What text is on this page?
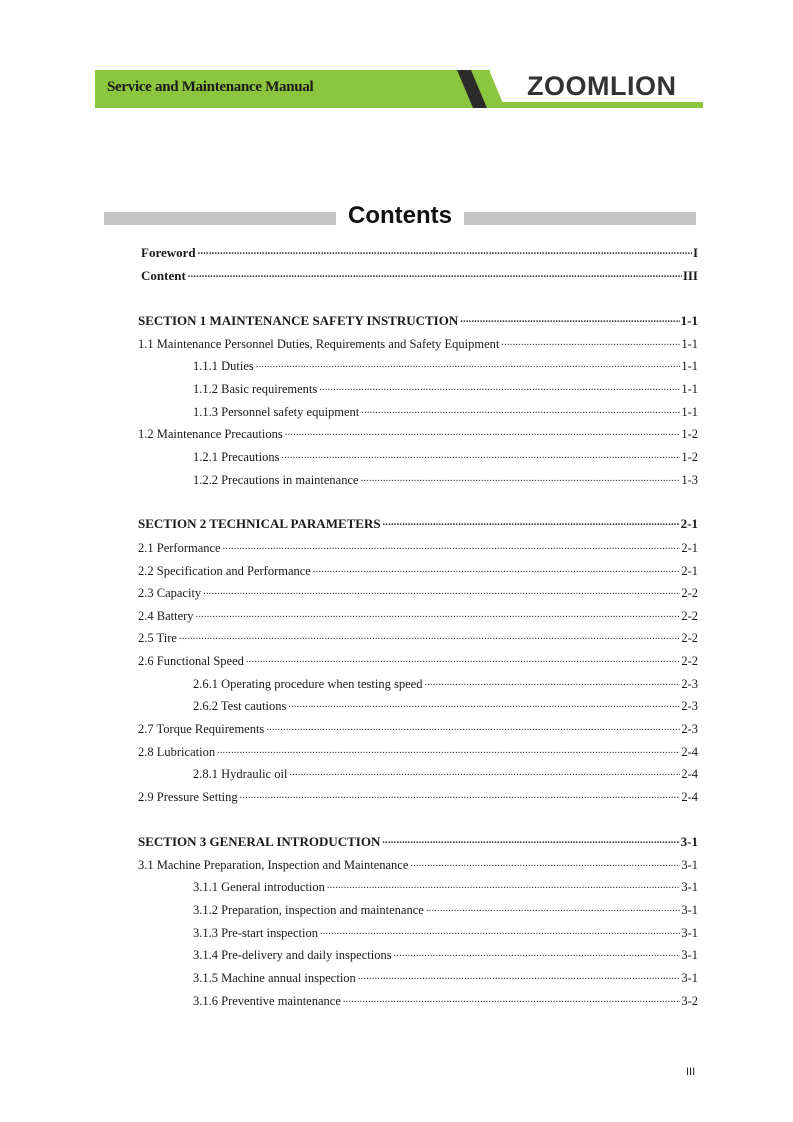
Service and Maintenance Manual	ZOOMLION
Contents
Foreword .....	I
Content .....	III
SECTION 1 MAINTENANCE SAFETY INSTRUCTION .....	1-1
1.1 Maintenance Personnel Duties, Requirements and Safety Equipment .....	1-1
1.1.1 Duties .....	1-1
1.1.2 Basic requirements .....	1-1
1.1.3 Personnel safety equipment .....	1-1
1.2 Maintenance Precautions .....	1-2
1.2.1 Precautions .....	1-2
1.2.2 Precautions in maintenance .....	1-3
SECTION 2 TECHNICAL PARAMETERS .....	2-1
2.1 Performance .....	2-1
2.2 Specification and Performance .....	2-1
2.3 Capacity .....	2-2
2.4 Battery .....	2-2
2.5 Tire .....	2-2
2.6 Functional Speed .....	2-2
2.6.1 Operating procedure when testing speed .....	2-3
2.6.2 Test cautions .....	2-3
2.7 Torque Requirements .....	2-3
2.8 Lubrication .....	2-4
2.8.1 Hydraulic oil .....	2-4
2.9 Pressure Setting .....	2-4
SECTION 3 GENERAL INTRODUCTION .....	3-1
3.1 Machine Preparation, Inspection and Maintenance .....	3-1
3.1.1 General introduction .....	3-1
3.1.2 Preparation, inspection and maintenance .....	3-1
3.1.3 Pre-start inspection .....	3-1
3.1.4 Pre-delivery and daily inspections .....	3-1
3.1.5 Machine annual inspection .....	3-1
3.1.6 Preventive maintenance .....	3-2
III
